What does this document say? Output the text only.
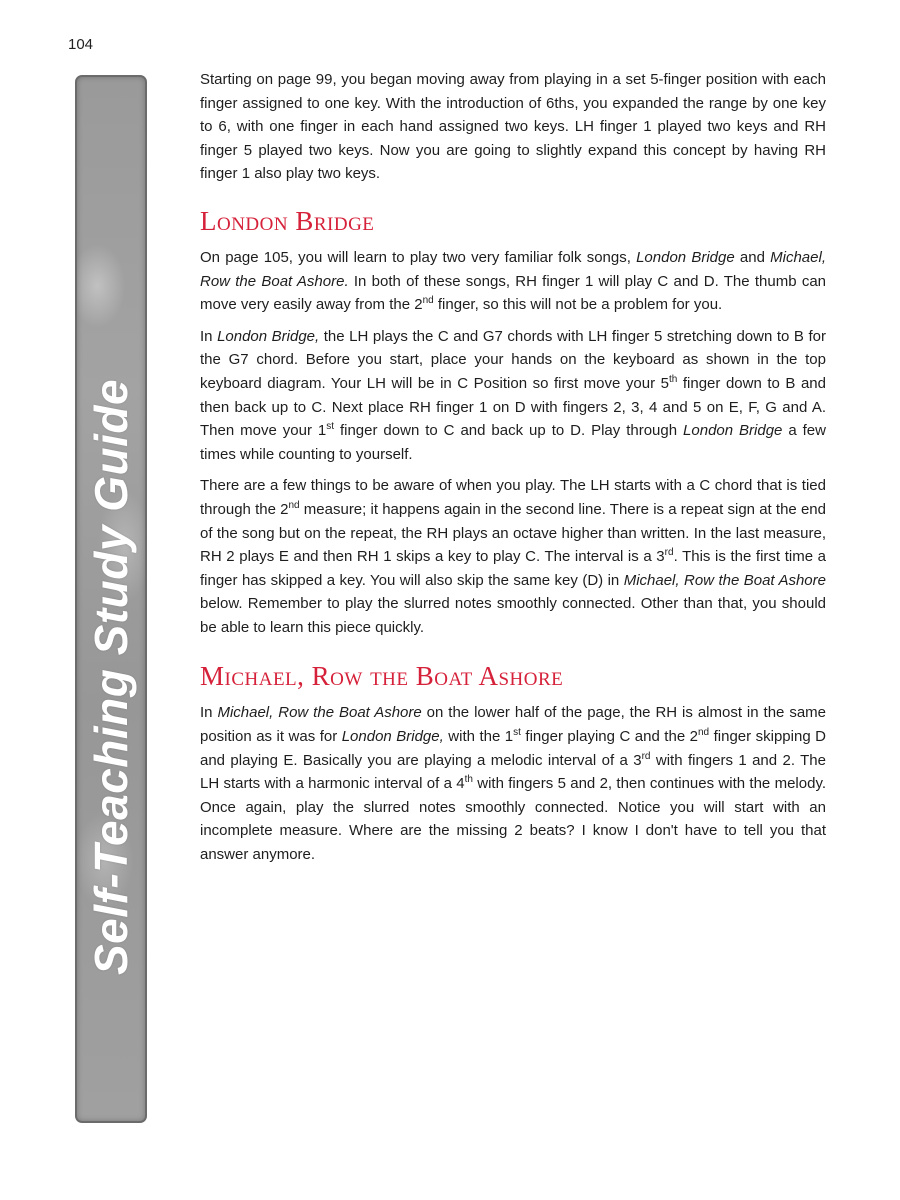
104
Self-Teaching Study Guide

Starting on page 99, you began moving away from playing in a set 5-finger position with each finger assigned to one key. With the introduction of 6ths, you expanded the range by one key to 6, with one finger in each hand assigned two keys. LH finger 1 played two keys and RH finger 5 played two keys. Now you are going to slightly expand this concept by having RH finger 1 also play two keys.

London Bridge

On page 105, you will learn to play two very familiar folk songs, London Bridge and Michael, Row the Boat Ashore. In both of these songs, RH finger 1 will play C and D. The thumb can move very easily away from the 2nd finger, so this will not be a problem for you.

In London Bridge, the LH plays the C and G7 chords with LH finger 5 stretching down to B for the G7 chord. Before you start, place your hands on the keyboard as shown in the top keyboard diagram. Your LH will be in C Position so first move your 5th finger down to B and then back up to C. Next place RH finger 1 on D with fingers 2, 3, 4 and 5 on E, F, G and A. Then move your 1st finger down to C and back up to D. Play through London Bridge a few times while counting to yourself.

There are a few things to be aware of when you play. The LH starts with a C chord that is tied through the 2nd measure; it happens again in the second line. There is a repeat sign at the end of the song but on the repeat, the RH plays an octave higher than written. In the last measure, RH 2 plays E and then RH 1 skips a key to play C. The interval is a 3rd. This is the first time a finger has skipped a key. You will also skip the same key (D) in Michael, Row the Boat Ashore below. Remember to play the slurred notes smoothly connected. Other than that, you should be able to learn this piece quickly.

Michael, Row the Boat Ashore

In Michael, Row the Boat Ashore on the lower half of the page, the RH is almost in the same position as it was for London Bridge, with the 1st finger playing C and the 2nd finger skipping D and playing E. Basically you are playing a melodic interval of a 3rd with fingers 1 and 2. The LH starts with a harmonic interval of a 4th with fingers 5 and 2, then continues with the melody. Once again, play the slurred notes smoothly connected. Notice you will start with an incomplete measure. Where are the missing 2 beats? I know I don't have to tell you that answer anymore.
